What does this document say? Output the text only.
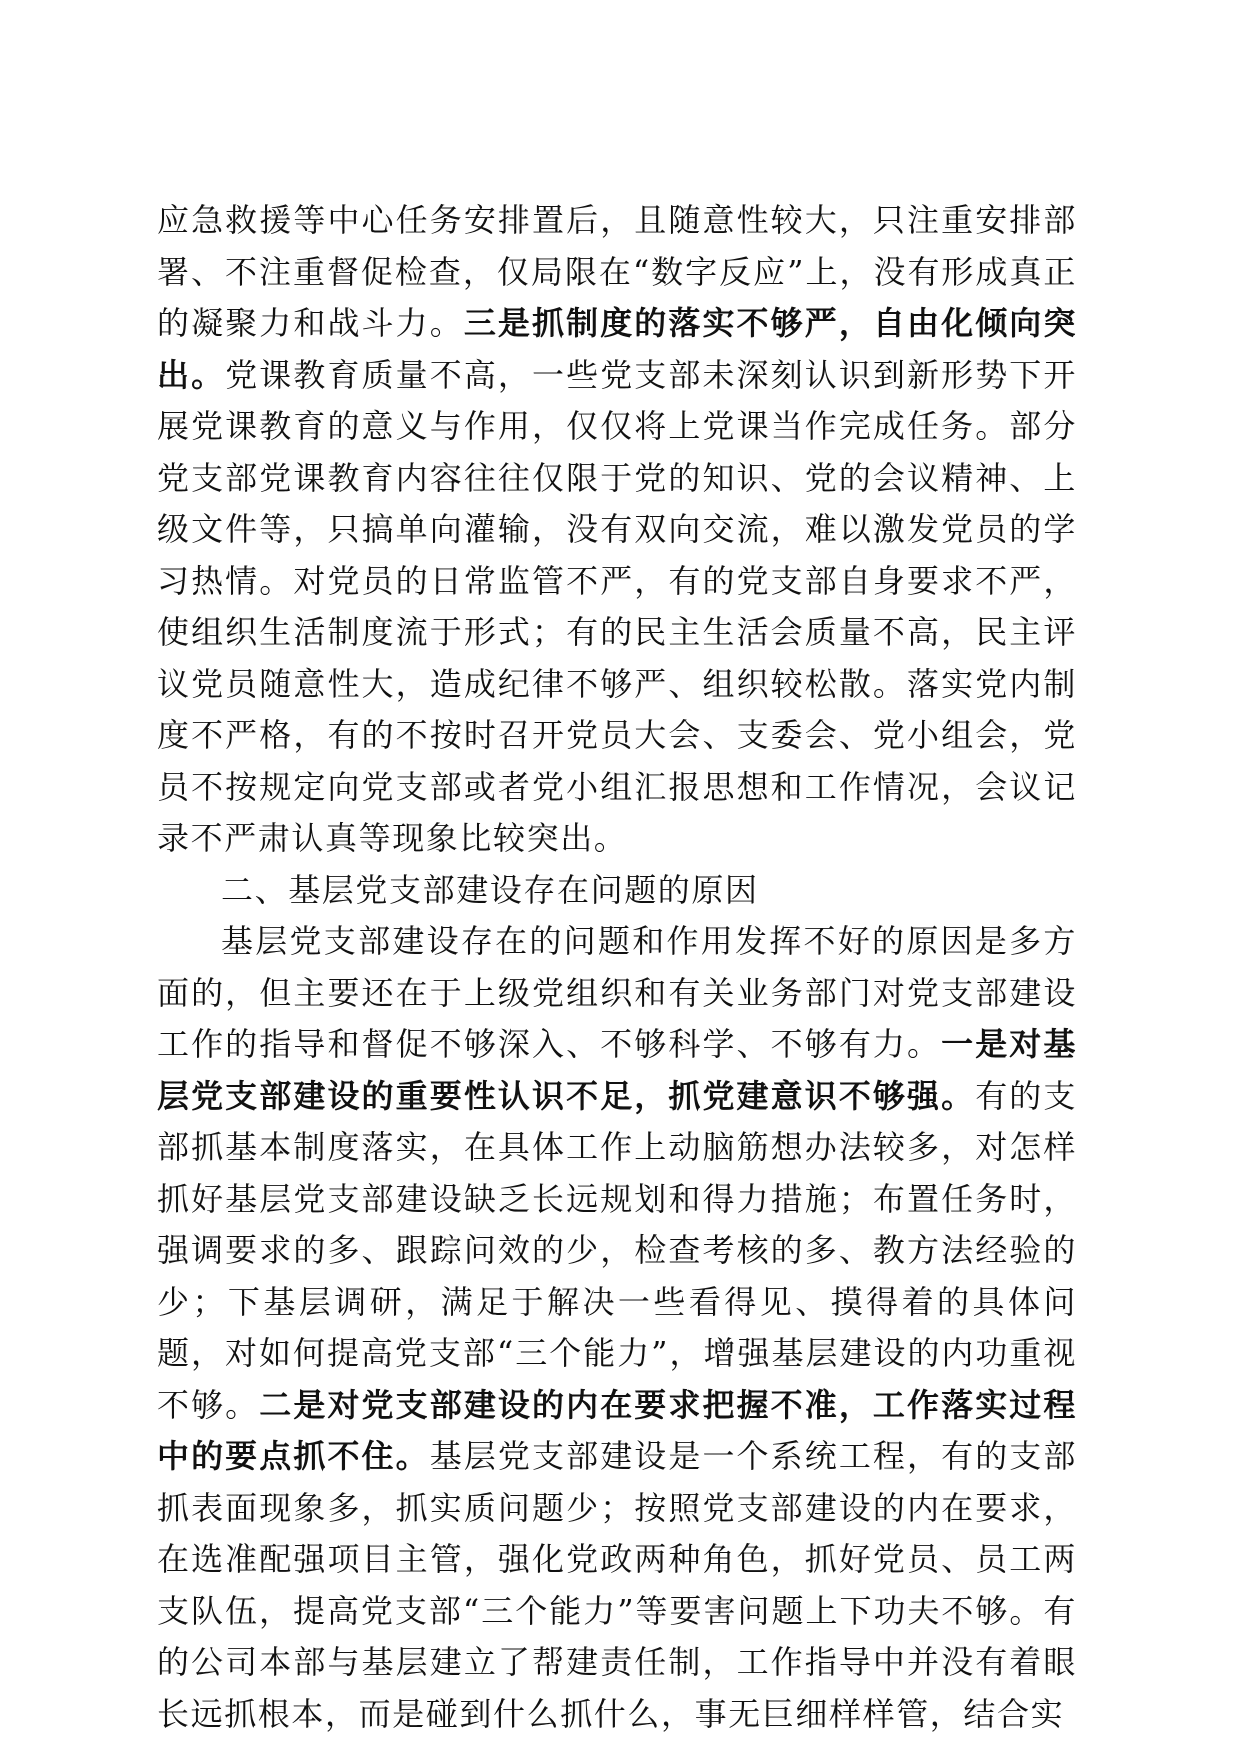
应急救援等中心任务安排置后，且随意性较大，只注重安排部署、不注重督促检查，仅局限在“数字反应”上，没有形成真正的凝聚力和战斗力。三是抓制度的落实不够严，自由化倾向突出。党课教育质量不高，一些党支部未深刻认识到新形势下开展党课教育的意义与作用，仅仅将上党课当作完成任务。部分党支部党课教育内容往往仅限于党的知识、党的会议精神、上级文件等，只搞单向灌输，没有双向交流，难以激发党员的学习热情。对党员的日常监管不严，有的党支部自身要求不严，使组织生活制度流于形式；有的民主生活会质量不高，民主评议党员随意性大，造成纪律不够严、组织较松散。落实党内制度不严格，有的不按时召开党员大会、支委会、党小组会，党员不按规定向党支部或者党小组汇报思想和工作情况，会议记录不严肃认真等现象比较突出。

二、基层党支部建设存在问题的原因

基层党支部建设存在的问题和作用发挥不好的原因是多方面的，但主要还在于上级党组织和有关业务部门对党支部建设工作的指导和督促不够深入、不够科学、不够有力。一是对基层党支部建设的重要性认识不足，抓党建意识不够强。有的支部抓基本制度落实，在具体工作上动脑筋想办法较多，对怎样抓好基层党支部建设缺乏长远规划和得力措施；布置任务时，强调要求的多、跟踪问效的少，检查考核的多、教方法经验的少；下基层调研，满足于解决一些看得见、摸得着的具体问题，对如何提高党支部“三个能力”，增强基层建设的内功重视不够。二是对党支部建设的内在要求把握不准，工作落实过程中的要点抓不住。基层党支部建设是一个系统工程，有的支部抓表面现象多，抓实质问题少；按照党支部建设的内在要求，在选准配强项目主管，强化党政两种角色，抓好党员、员工两支队伍，提高党支部“三个能力”等要害问题上下功夫不够。有的公司本部与基层建立了帮建责任制，工作指导中并没有着眼长远抓根本，而是碰到什么抓什么，事无巨细样样管，结合实
